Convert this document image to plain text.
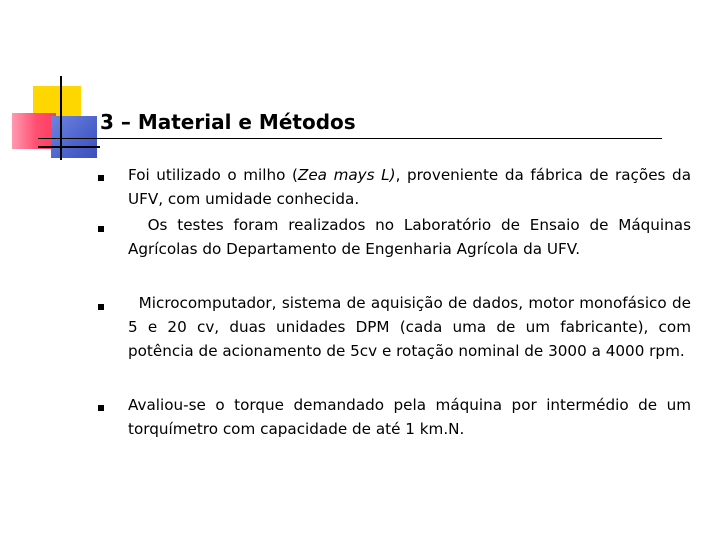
3 – Material e Métodos
Foi utilizado o milho (Zea mays L), proveniente da fábrica de rações da UFV, com umidade conhecida.
Os testes foram realizados no Laboratório de Ensaio de Máquinas Agrícolas do Departamento de Engenharia Agrícola da UFV.
Microcomputador, sistema de aquisição de dados, motor monofásico de 5 e 20 cv, duas unidades DPM (cada uma de um fabricante), com potência de acionamento de 5cv e rotação nominal de 3000 a 4000 rpm.
Avaliou-se o torque demandado pela máquina por intermédio de um torquímetro com capacidade de até 1 km.N.
